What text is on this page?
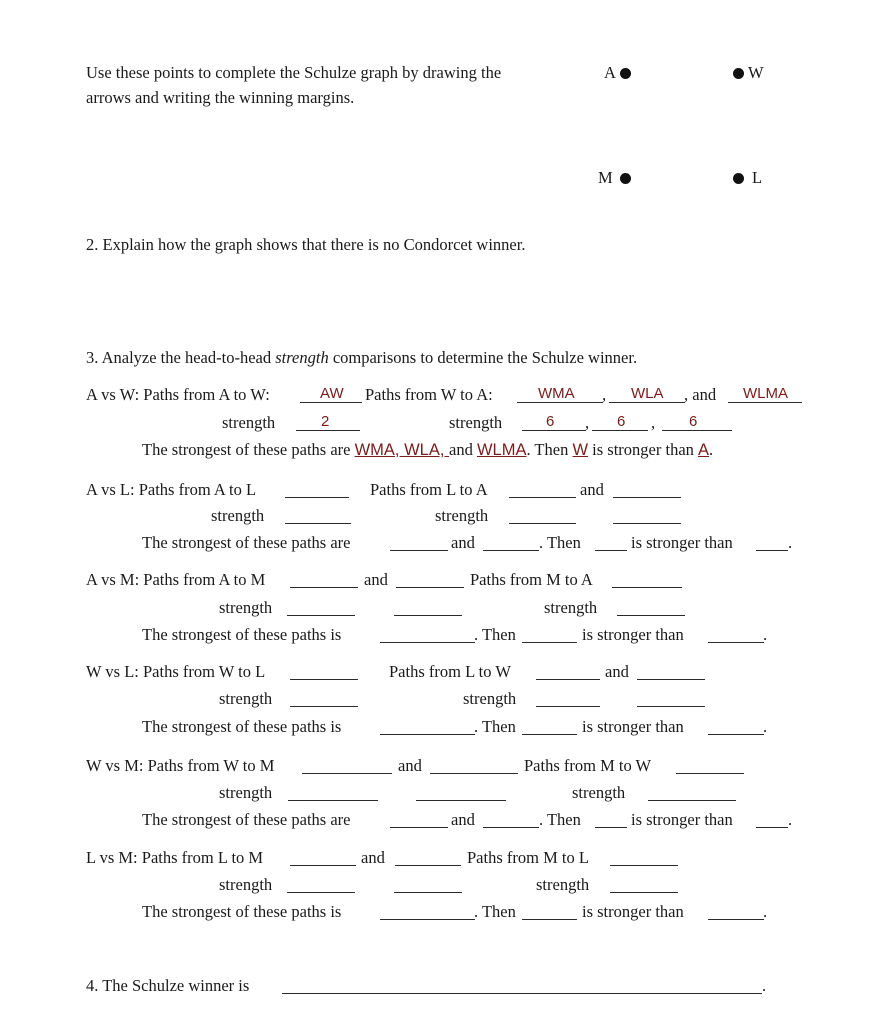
Use these points to complete the Schulze graph by drawing the
arrows and writing the winning margins.
A	W
M	L
2. Explain how the graph shows that there is no Condorcet winner.
3. Analyze the head-to-head strength comparisons to determine the Schulze winner.
A vs W: Paths from A to W:	AW Paths from W to A:	WMA , WLA , and WLMA
strength	2	strength	6 , 6 , 6
The strongest of these paths are WMA, WLA, and WLMA. Then W is stronger than A.
A vs L: Paths from A to L	Paths from L to A	and
strength	strength
The strongest of these paths are	and	. Then	is stronger than	.
A vs M: Paths from A to M	and	Paths from M to A
strength	strength
The strongest of these paths is	. Then	is stronger than	.
W vs L: Paths from W to L	Paths from L to W	and
strength	strength
The strongest of these paths is	. Then	is stronger than	.
W vs M: Paths from W to M	and	Paths from M to W
strength	strength
The strongest of these paths are	and	. Then	is stronger than	.
L vs M: Paths from L to M	and	Paths from M to L
strength	strength
The strongest of these paths is	. Then	is stronger than	.
4. The Schulze winner is	.
